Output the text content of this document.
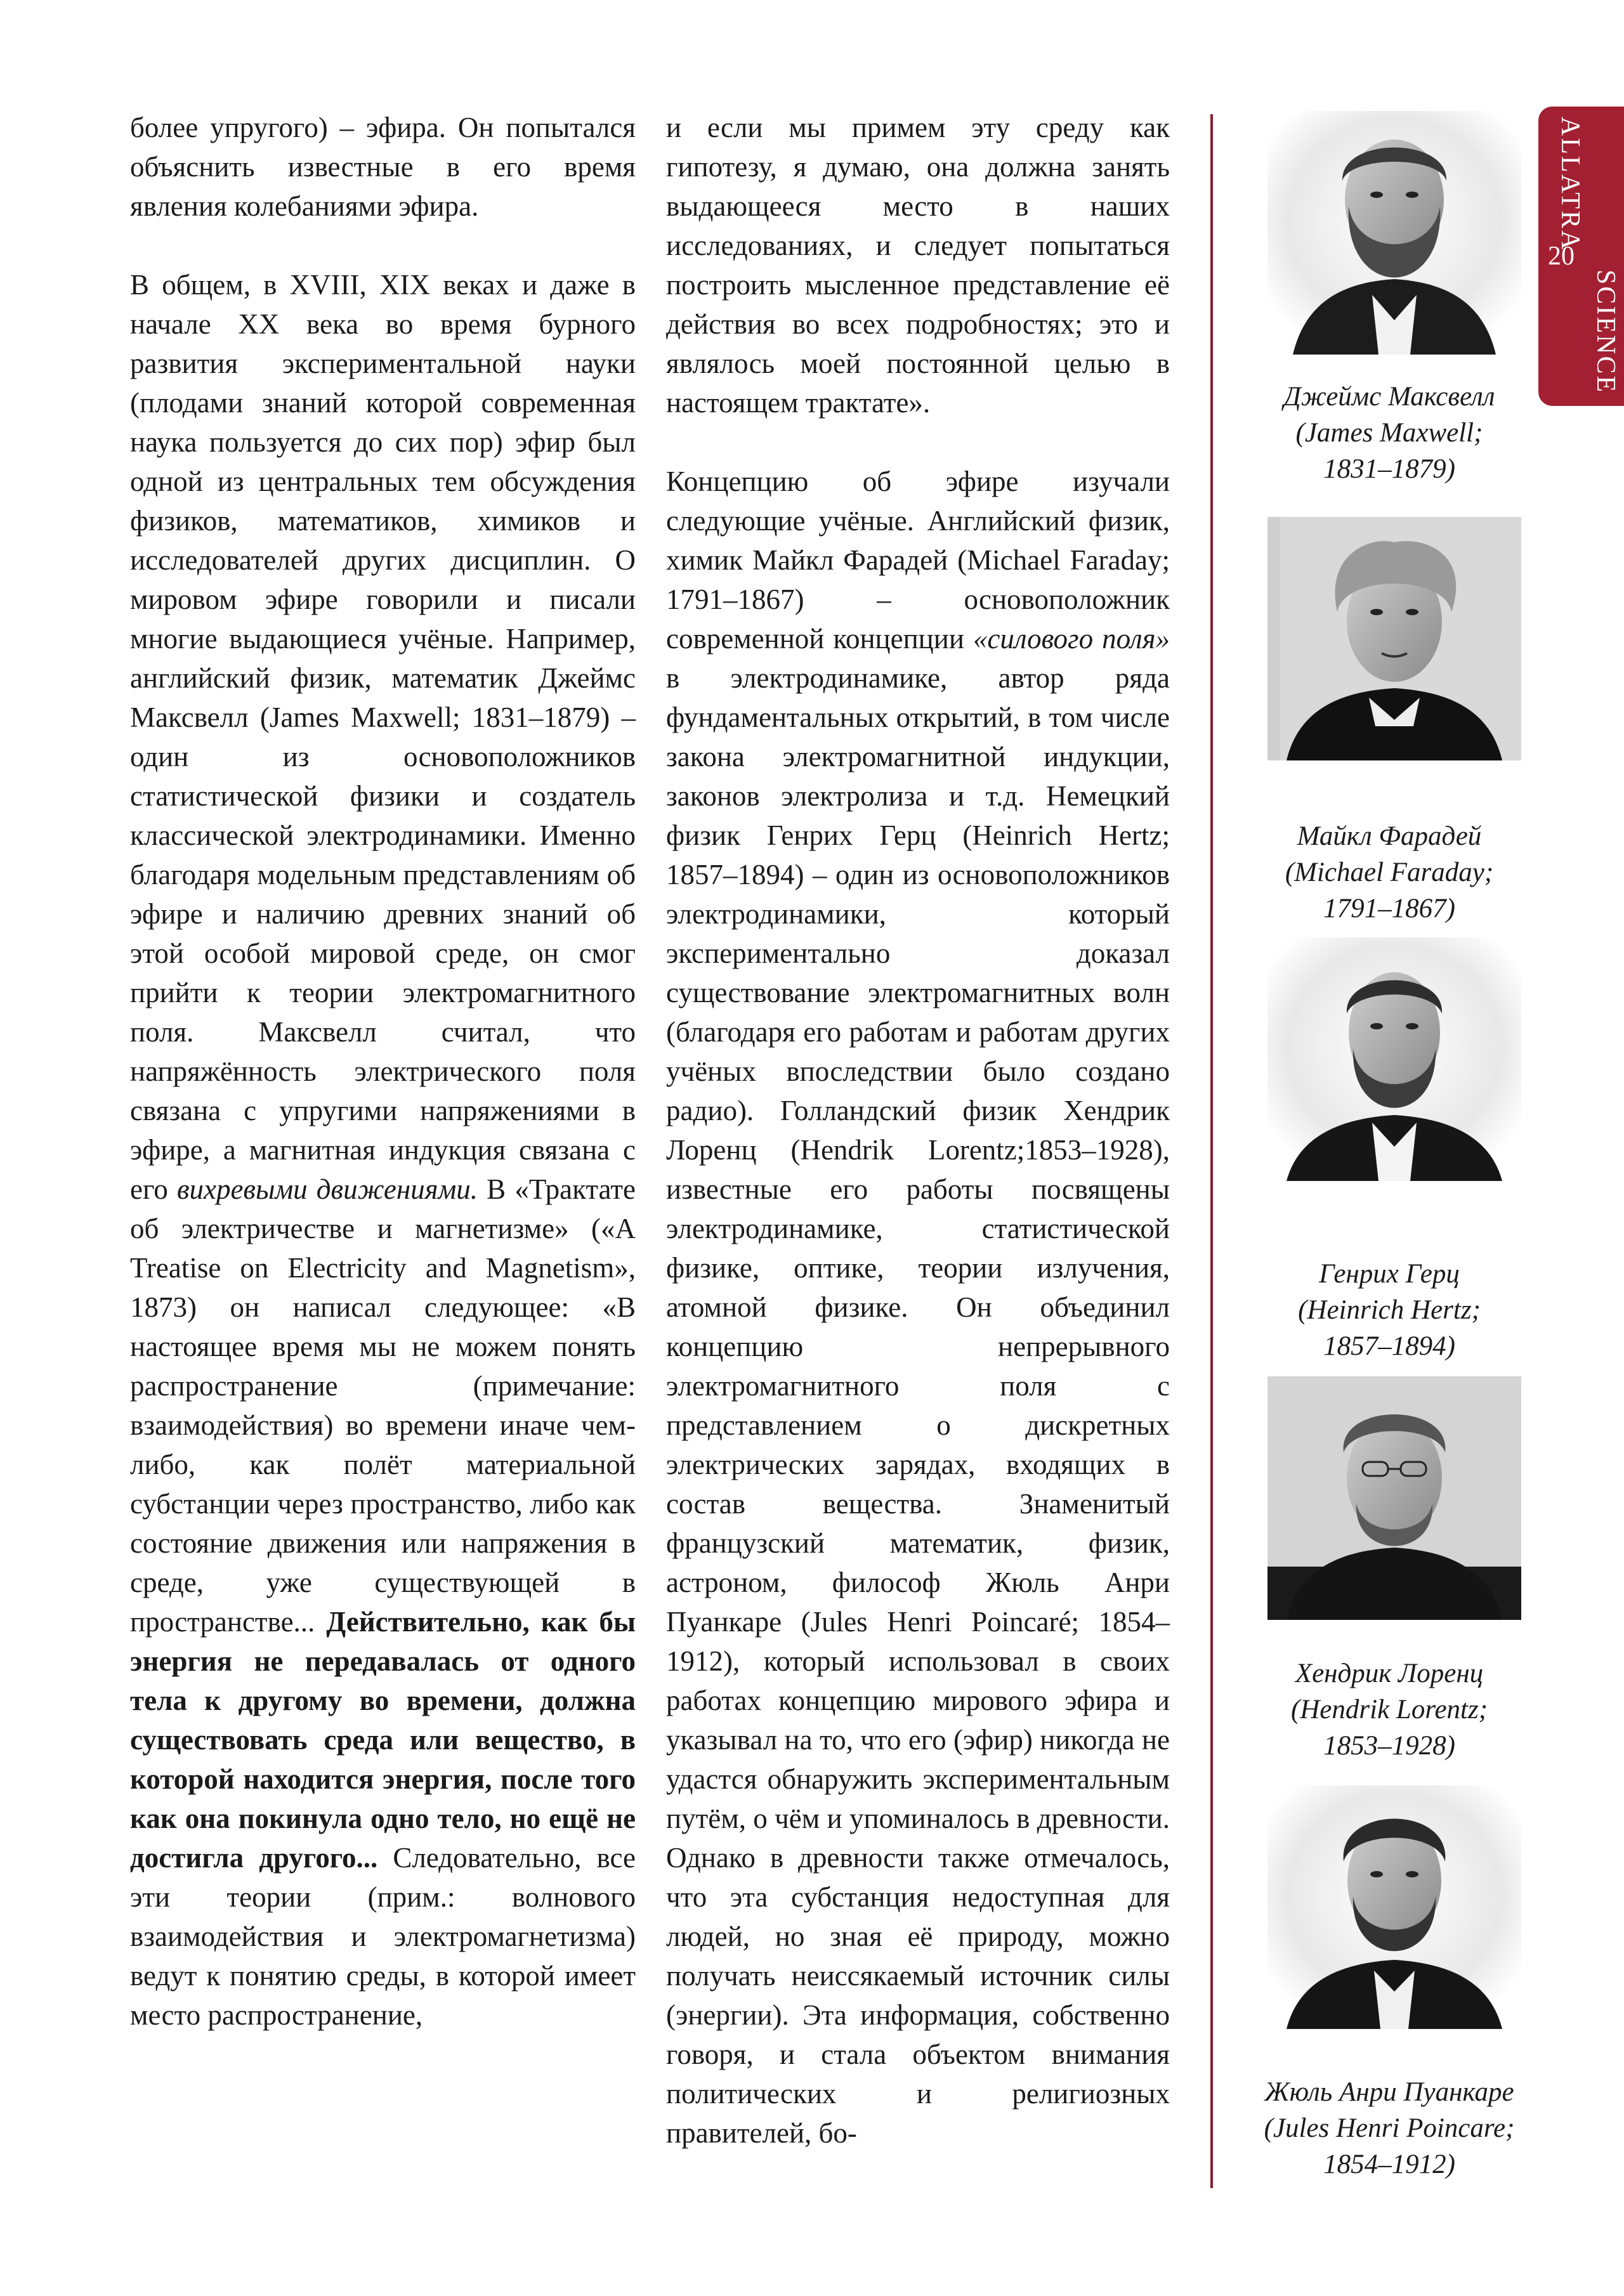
более упругого) – эфира. Он попытался объяснить известные в его время явления колебаниями эфира.

В общем, в XVIII, XIX веках и даже в начале XX века во время бурного развития экспериментальной науки (плодами знаний которой современная наука пользуется до сих пор) эфир был одной из центральных тем обсуждения физиков, математиков, химиков и исследователей других дисциплин. О мировом эфире говорили и писали многие выдающиеся учёные. Например, английский физик, математик Джеймс Максвелл (James Maxwell; 1831–1879) – один из основоположников статистической физики и создатель классической электродинамики. Именно благодаря модельным представлениям об эфире и наличию древних знаний об этой особой мировой среде, он смог прийти к теории электромагнитного поля. Максвелл считал, что напряжённость электрического поля связана с упругими напряжениями в эфире, а магнитная индукция связана с его вихревыми движениями. В «Трактате об электричестве и магнетизме» («A Treatise on Electricity and Magnetism», 1873) он написал следующее: «В настоящее время мы не можем понять распространение (примечание: взаимодействия) во времени иначе чем-либо, как полёт материальной субстанции через пространство, либо как состояние движения или напряжения в среде, уже существующей в пространстве... Действительно, как бы энергия не передавалась от одного тела к другому во времени, должна существовать среда или вещество, в которой находится энергия, после того как она покинула одно тело, но ещё не достигла другого... Следовательно, все эти теории (прим.: волнового взаимодействия и электромагнетизма) ведут к понятию среды, в которой имеет место распространение,

и если мы примем эту среду как гипотезу, я думаю, она должна занять выдающееся место в наших исследованиях, и следует попытаться построить мысленное представление её действия во всех подробностях; это и являлось моей постоянной целью в настоящем трактате».

Концепцию об эфире изучали следующие учёные. Английский физик, химик Майкл Фарадей (Michael Faraday; 1791–1867) – основоположник современной концепции «силового поля» в электродинамике, автор ряда фундаментальных открытий, в том числе закона электромагнитной индукции, законов электролиза и т.д. Немецкий физик Генрих Герц (Heinrich Hertz; 1857–1894) – один из основоположников электродинамики, который экспериментально доказал существование электромагнитных волн (благодаря его работам и работам других учёных впоследствии было создано радио). Голландский физик Хендрик Лоренц (Hendrik Lorentz;1853–1928), известные его работы посвящены электродинамике, статистической физике, оптике, теории излучения, атомной физике. Он объединил концепцию непрерывного электромагнитного поля с представлением о дискретных электрических зарядах, входящих в состав вещества. Знаменитый французский математик, физик, астроном, философ Жюль Анри Пуанкаре (Jules Henri Poincaré; 1854–1912), который использовал в своих работах концепцию мирового эфира и указывал на то, что его (эфир) никогда не удастся обнаружить экспериментальным путём, о чём и упоминалось в древности. Однако в древности также отмечалось, что эта субстанция недоступная для людей, но зная её природу, можно получать неиссякаемый источник силы (энергии). Эта информация, собственно говоря, и стала объектом внимания политических и религиозных правителей, бо-

ALLATRA
20
SCIENCE
Джеймс Максвелл
(James Maxwell;
1831–1879)
Майкл Фарадей
(Michael Faraday;
1791–1867)
Генрих Герц
(Heinrich Hertz;
1857–1894)
Хендрик Лоренц
(Hendrik Lorentz;
1853–1928)
Жюль Анри Пуанкаре
(Jules Henri Poincare;
1854–1912)
